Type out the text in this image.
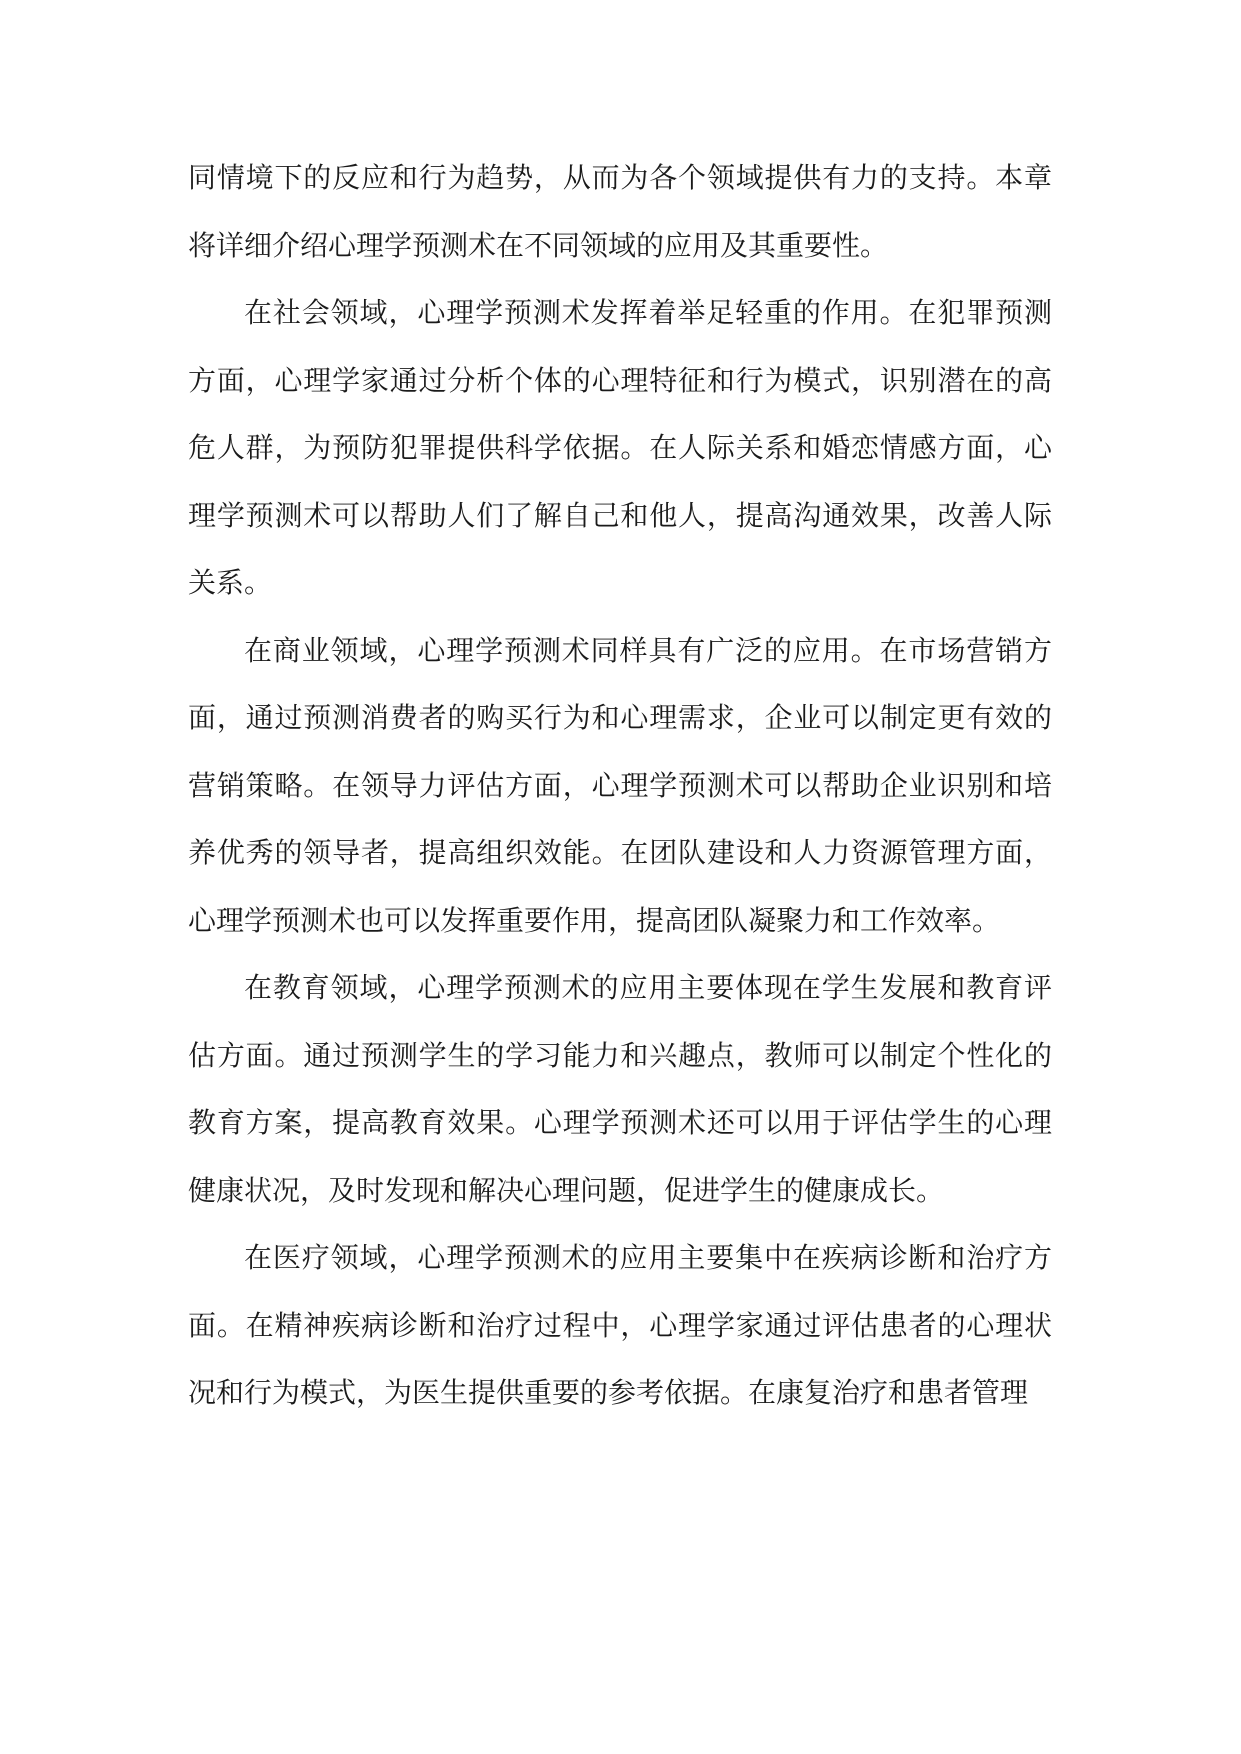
同情境下的反应和行为趋势，从而为各个领域提供有力的支持。本章将详细介绍心理学预测术在不同领域的应用及其重要性。

在社会领域，心理学预测术发挥着举足轻重的作用。在犯罪预测方面，心理学家通过分析个体的心理特征和行为模式，识别潜在的高危人群，为预防犯罪提供科学依据。在人际关系和婚恋情感方面，心理学预测术可以帮助人们了解自己和他人，提高沟通效果，改善人际关系。

在商业领域，心理学预测术同样具有广泛的应用。在市场营销方面，通过预测消费者的购买行为和心理需求，企业可以制定更有效的营销策略。在领导力评估方面，心理学预测术可以帮助企业识别和培养优秀的领导者，提高组织效能。在团队建设和人力资源管理方面，心理学预测术也可以发挥重要作用，提高团队凝聚力和工作效率。

在教育领域，心理学预测术的应用主要体现在学生发展和教育评估方面。通过预测学生的学习能力和兴趣点，教师可以制定个性化的教育方案，提高教育效果。心理学预测术还可以用于评估学生的心理健康状况，及时发现和解决心理问题，促进学生的健康成长。

在医疗领域，心理学预测术的应用主要集中在疾病诊断和治疗方面。在精神疾病诊断和治疗过程中，心理学家通过评估患者的心理状况和行为模式，为医生提供重要的参考依据。在康复治疗和患者管理
